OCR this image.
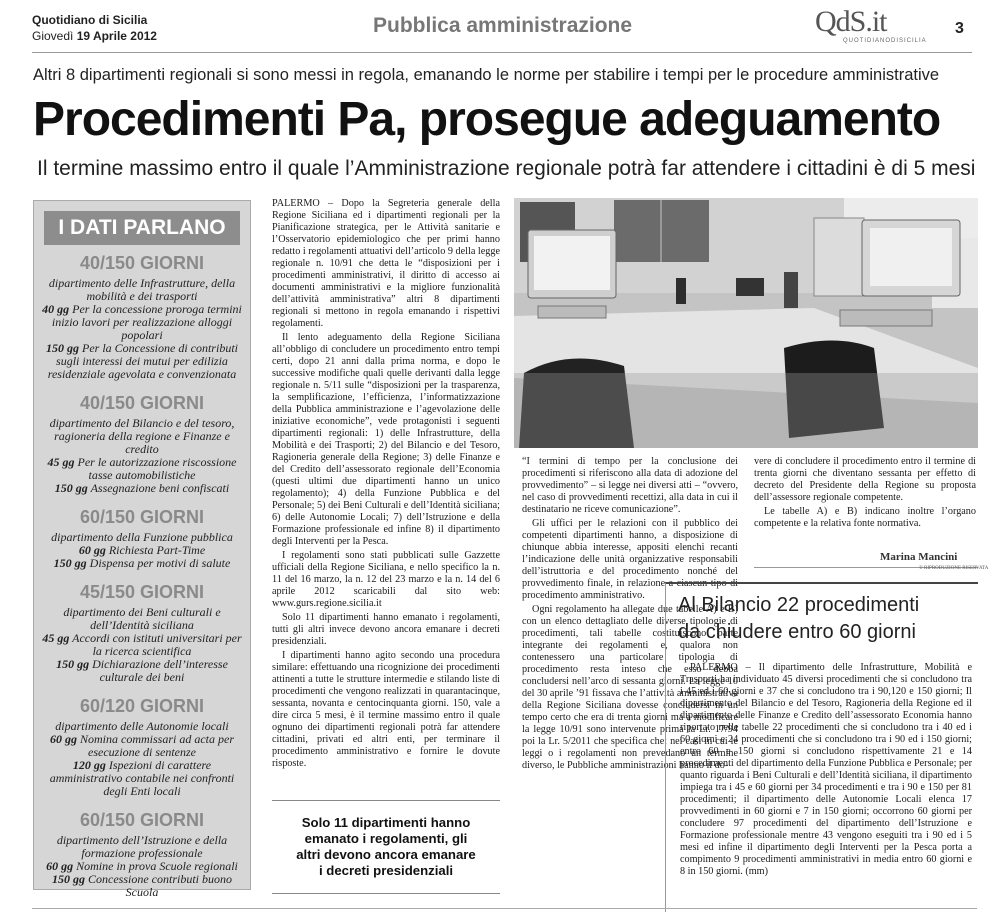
Quotidiano di Sicilia
Giovedì 19 Aprile 2012	Pubblica amministrazione	QdS.it
QUOTIDIANODISICILIA
3
Altri 8 dipartimenti regionali si sono messi in regola, emanando le norme per stabilire i tempi per le procedure amministrative
Procedimenti Pa, prosegue adeguamento
Il termine massimo entro il quale l’Amministrazione regionale potrà far attendere i cittadini è di 5 mesi
I DATI PARLANO
40/150 GIORNI
dipartimento delle Infrastrutture, della mobilità e dei trasporti
40 gg Per la concessione proroga termini inizio lavori per realizzazione alloggi popolari
150 gg Per la Concessione di contributi sugli interessi dei mutui per edilizia residenziale agevolata e convenzionata
40/150 GIORNI
dipartimento del Bilancio e del tesoro, ragioneria della regione e Finanze e credito
45 gg Per le autorizzazione riscossione tasse automobilistiche
150 gg Assegnazione beni confiscati
60/150 GIORNI
dipartimento della Funzione pubblica
60 gg Richiesta Part-Time
150 gg Dispensa per motivi di salute
45/150 GIORNI
dipartimento dei Beni culturali e dell’Identità siciliana
45 gg Accordi con istituti universitari per la ricerca scientifica
150 gg Dichiarazione dell’interesse culturale dei beni
60/120 GIORNI
dipartimento delle Autonomie locali
60 gg Nomina commissari ad acta per esecuzione di sentenze
120 gg Ispezioni di carattere amministrativo contabile nei confronti degli Enti locali
60/150 GIORNI
dipartimento dell’Istruzione e della formazione professionale
60 gg Nomine in prova Scuole regionali
150 gg Concessione contributi buono Scuola

PALERMO – Dopo la Segreteria generale della Regione Siciliana ed i dipartimenti regionali per la Pianificazione strategica, per le Attività sanitarie e l’Osservatorio epidemiologico che per primi hanno redatto i regolamenti attuativi dell’articolo 9 della legge regionale n. 10/91 che detta le “disposizioni per i procedimenti amministrativi, il diritto di accesso ai documenti amministrativi e la migliore funzionalità dell’attività amministrativa” altri 8 dipartimenti regionali si mettono in regola emanando i rispettivi regolamenti.

Il lento adeguamento della Regione Siciliana all’obbligo di concludere un procedimento entro tempi certi, dopo 21 anni dalla prima norma, e dopo le successive modifiche quali quelle derivanti dalla legge regionale n. 5/11 sulle “disposizioni per la trasparenza, la semplificazione, l’efficienza, l’informatizzazione della Pubblica amministrazione e l’agevolazione delle iniziative economiche”, vede protagonisti i seguenti dipartimenti regionali: 1) delle Infrastrutture, della Mobilità e dei Trasporti; 2) del Bilancio e del Tesoro, Ragioneria generale della Regione; 3) delle Finanze e del Credito dell’assessorato regionale dell’Economia (questi ultimi due dipartimenti hanno un unico regolamento); 4) della Funzione Pubblica e del Personale; 5) dei Beni Culturali e dell’Identità siciliana; 6) delle Autonomie Locali; 7) dell’Istruzione e della Formazione professionale ed infine 8) il dipartimento degli Interventi per la Pesca.

I regolamenti sono stati pubblicati sulle Gazzette ufficiali della Regione Siciliana, e nello specifico la n. 11 del 16 marzo, la n. 12 del 23 marzo e la n. 14 del 6 aprile 2012 scaricabili dal sito web: www.gurs.regione.sicilia.it

Solo 11 dipartimenti hanno emanato i regolamenti, tutti gli altri invece devono ancora emanare i decreti presidenziali.

I dipartimenti hanno agito secondo una procedura similare: effettuando una ricognizione dei procedimenti attinenti a tutte le strutture intermedie e stilando liste di procedimenti che vengono realizzati in quarantacinque, sessanta, novanta e centocinquanta giorni. 150, vale a dire circa 5 mesi, è il termine massimo entro il quale ognuno dei dipartimenti regionali potrà far attendere cittadini, privati ed altri enti, per terminare il procedimento amministrativo e fornire le dovute risposte.

Solo 11 dipartimenti hanno
emanato i regolamenti, gli
altri devono ancora emanare
i decreti presidenziali

“I termini di tempo per la conclusione dei procedimenti si riferiscono alla data di adozione del provvedimento” – si legge nei diversi atti – “ovvero, nel caso di provvedimenti recettizi, alla data in cui il destinatario ne riceve comunicazione”.

Gli uffici per le relazioni con il pubblico dei competenti dipartimenti hanno, a disposizione di chiunque abbia interesse, appositi elenchi recanti l’indicazione delle unità organizzative responsabili dell’istruttoria e del procedimento nonché del provvedimento finale, in relazione a ciascun tipo di procedimento amministrativo.

Ogni regolamento ha allegate due tabelle A) e B) con un elenco dettagliato delle diverse tipologie di procedimenti, tali tabelle costituiscono parte integrante dei regolamenti e, qualora non contenessero una particolare tipologia di procedimento resta inteso che esso debba concludersi nell’arco di sessanta giorni. La legge 10 del 30 aprile ’91 fissava che l’attività amministrativa della Regione Siciliana dovesse concludersi in un tempo certo che era di trenta giorni ma a modificare la legge 10/91 sono intervenute prima la Lr. 17/94 poi la Lr. 5/2011 che specifica che: nei casi in cui le leggi o i regolamenti non prevedano un termine diverso, le Pubbliche amministrazioni hanno il do-

vere di concludere il procedimento entro il termine di trenta giorni che diventano sessanta per effetto di decreto del Presidente della Regione su proposta dell’assessore regionale competente.

Le tabelle A) e B) indicano inoltre l’organo competente e la relativa fonte normativa.

Marina Mancini
© RIPRODUZIONE RISERVATA
Al Bilancio 22 procedimenti
da chiudere entro 60 giorni
PALERMO – Il dipartimento delle Infrastrutture, Mobilità e Trasporti ha individuato 45 diversi procedimenti che si concludono tra i 45 ed i 60 giorni e 37 che si concludono tra i 90,120 e 150 giorni; Il dipartimento del Bilancio e del Tesoro, Ragioneria della Regione ed il dipartimento delle Finanze e Credito dell’assessorato Economia hanno riportato nelle tabelle 22 procedimenti che si concludono tra i 40 ed i 60 giorni e 24 procedimenti che si concludono tra i 90 ed i 150 giorni; entro 60 e 150 giorni si concludono rispettivamente 21 e 14 procedimenti del dipartimento della Funzione Pubblica e Personale; per quanto riguarda i Beni Culturali e dell’Identità siciliana, il dipartimento impiega tra i 45 e 60 giorni per 34 procedimenti e tra i 90 e 150 per 81 procedimenti; il dipartimento delle Autonomie Locali elenca 17 provvedimenti in 60 giorni e 7 in 150 giorni; occorrono 60 giorni per concludere 97 procedimenti del dipartimento dell’Istruzione e Formazione professionale mentre 43 vengono eseguiti tra i 90 ed i 5 mesi ed infine il dipartimento degli Interventi per la Pesca porta a compimento 9 procedimenti amministrativi in media entro 60 giorni e 8 in 150 giorni. (mm)
